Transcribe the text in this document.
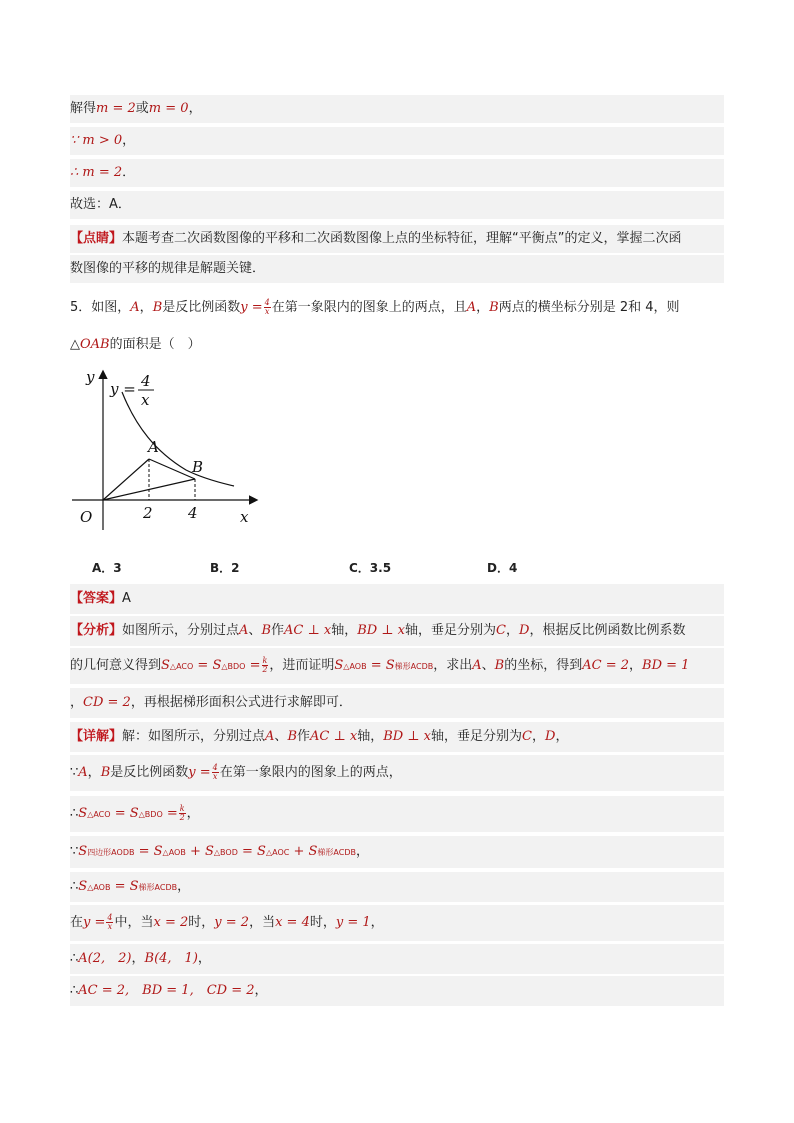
解得m = 2或m = 0，
∵ m > 0，
∴ m = 2．
故选：A．
【点睛】本题考查二次函数图像的平移和二次函数图像上点的坐标特征，理解“平衡点”的定义，掌握二次函
数图像的平移的规律是解题关键．
5．如图，A，B是反比例函数$y = \frac{4}{x}$ 在第一象限内的图象上的两点，且A，B两点的横坐标分别是 2和 4，则
△OAB的面积是（　）
y
x
O
y = 4
x
A
B
2 4
A．3	B．2	C．3.5	D．4
【答案】A
【分析】如图所示，分别过点A、B作AC ⊥ x轴，BD ⊥ x轴，垂足分别为C，D，根据反比例函数比例系数
的几何意义得到S△ACO = S△BDO = $\frac{k}{2}$ ，进而证明S△AOB = S梯形ACDB，求出A、B的坐标，得到AC = 2，BD = 1
，CD = 2，再根据梯形面积公式进行求解即可．
【详解】解：如图所示，分别过点A、B作AC ⊥ x轴，BD ⊥ x轴，垂足分别为C，D，
∵A，B是反比例函数$y = \frac{4}{x}$ 在第一象限内的图象上的两点，
∴S△ACO = S△BDO = $\frac{k}{2}$ ，
∵S四边形AODB = S△AOB + S△BOD = S△AOC + S梯形ACDB，
∴S△AOB = S梯形ACDB，
在$y = \frac{4}{x}$ 中，当x = 2时，y = 2，当x = 4时，y = 1，
∴A(2,　2)，B(4,　1)，
∴AC = 2,　BD = 1,　CD = 2，
